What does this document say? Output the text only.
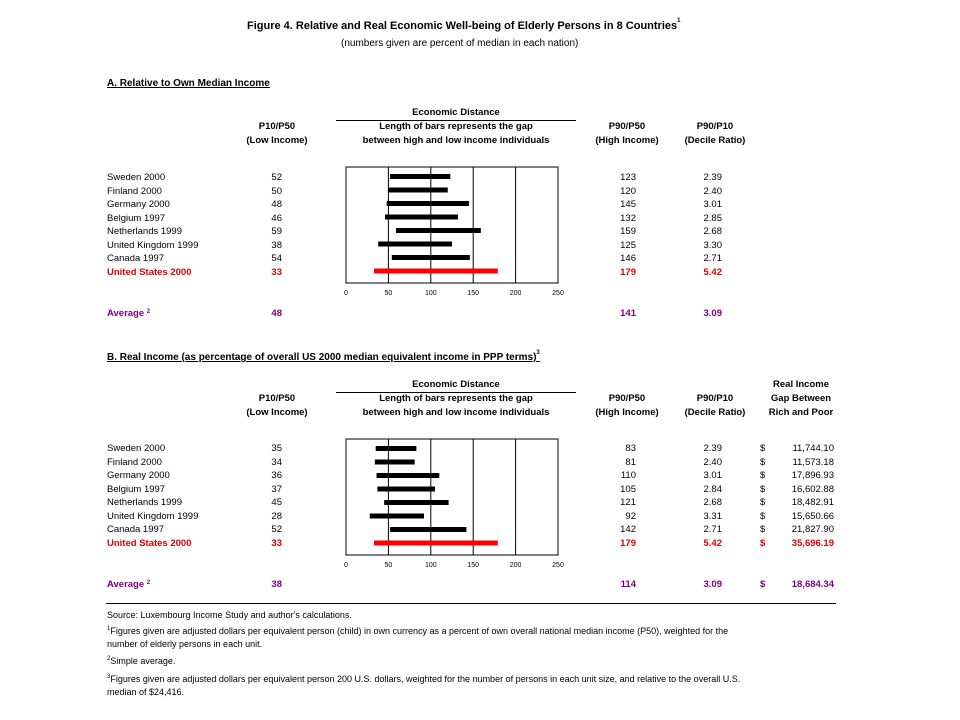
Figure 4. Relative and Real Economic Well-being of Elderly Persons in 8 Countries$^1$
(numbers given are percent of median in each nation)
A. Relative to Own Median Income
Economic Distance
Length of bars represents the gap
between high and low income individuals
P10/P50
(Low Income)
P90/P50
(High Income)
P90/P10
(Decile Ratio)
Sweden 2000	52	123	2.39
Finland 2000	50	120	2.40
Germany 2000	48	145	3.01
Belgium 1997	46	132	2.85
Netherlands 1999	59	159	2.68
United Kingdom 1999	38	125	3.30
Canada 1997	54	146	2.71
United States 2000	33	179	5.42
0	50	100	150	200	250
Average $^2$	48	141	3.09
B. Real Income (as percentage of overall US 2000 median equivalent income in PPP terms)$^3$
Economic Distance
Length of bars represents the gap
between high and low income individuals
P10/P50
(Low Income)
P90/P50
(High Income)
P90/P10
(Decile Ratio)
Real Income
Gap Between
Rich and Poor
Sweden 2000	35	83	2.39	$	11,744.10
Finland 2000	34	81	2.40	$	11,573.18
Germany 2000	36	110	3.01	$	17,896.93
Belgium 1997	37	105	2.84	$	16,602.88
Netherlands 1999	45	121	2.68	$	18,482.91
United Kingdom 1999	28	92	3.31	$	15,650.66
Canada 1997	52	142	2.71	$	21,827.90
United States 2000	33	179	5.42	$	35,696.19
0	50	100	150	200	250
Average $^2$	38	114	3.09	$	18,684.34
Source: Luxembourg Income Study and author's calculations.
$^1$Figures given are adjusted dollars per equivalent person (child) in own currency as a percent of own overall national median income (P50), weighted for the
number of elderly persons in each unit.
$^2$Simple average.
$^3$Figures given are adjusted dollars per equivalent person 200 U.S. dollars, weighted for the number of persons in each unit size, and relative to the overall U.S.
median of $24,416.
